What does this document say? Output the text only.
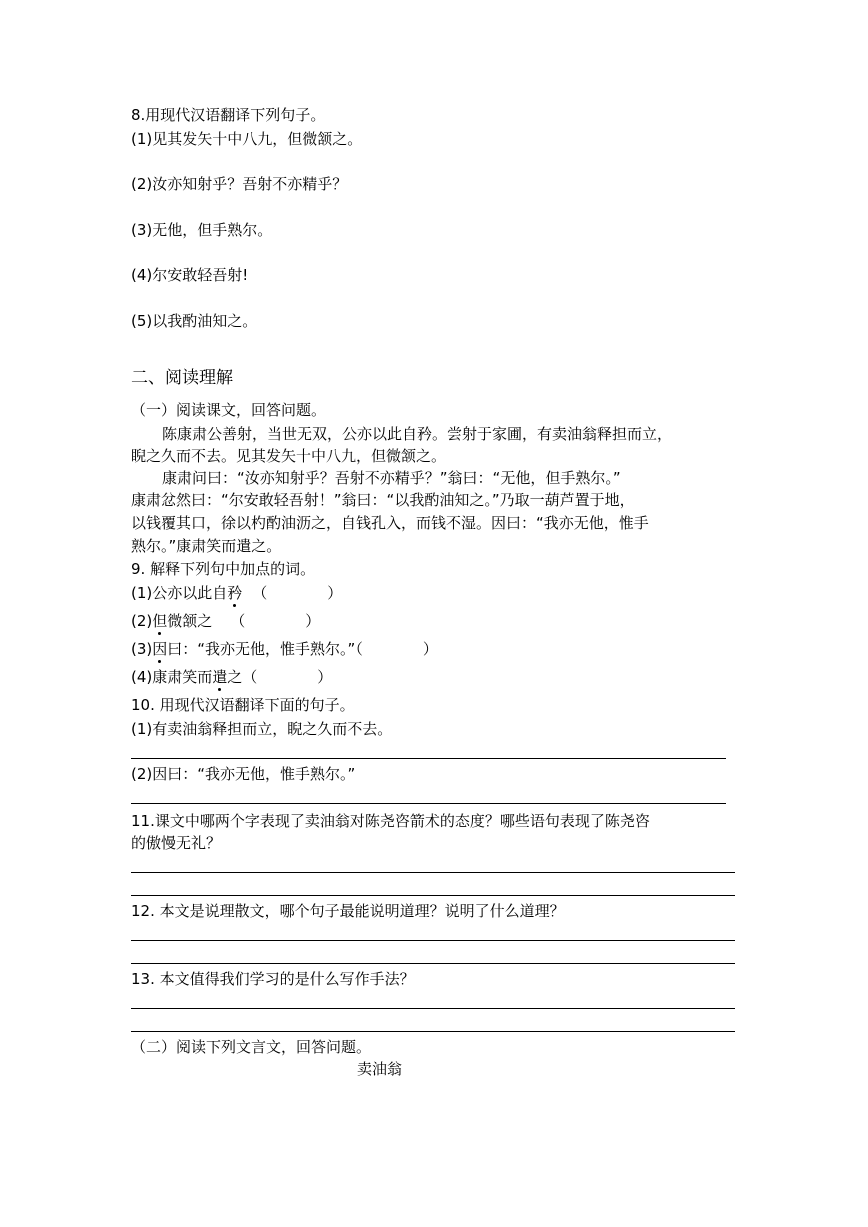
8.用现代汉语翻译下列句子。
(1)见其发矢十中八九，但微颔之。
(2)汝亦知射乎？吾射不亦精乎？
(3)无他，但手熟尔。
(4)尔安敢轻吾射!
(5)以我酌油知之。
二、阅读理解
（一）阅读课文，回答问题。
陈康肃公善射，当世无双，公亦以此自矜。尝射于家圃，有卖油翁释担而立，
睨之久而不去。见其发矢十中八九，但微颔之。
康肃问曰：“汝亦知射乎？吾射不亦精乎？”翁曰：“无他，但手熟尔。”
康肃忿然曰：“尔安敢轻吾射！”翁曰：“以我酌油知之。”乃取一葫芦置于地，
以钱覆其口，徐以杓酌油沥之，自钱孔入，而钱不湿。因曰：“我亦无他，惟手
熟尔。”康肃笑而遣之。
9. 解释下列句中加点的词。
(1)公亦以此自矜 （　　　　）
(2)但微颔之 （　　　　）
(3)因曰：“我亦无他，惟手熟尔。”（　　　　）
(4)康肃笑而遣之（　　　　）
10. 用现代汉语翻译下面的句子。
(1)有卖油翁释担而立，睨之久而不去。
(2)因曰：“我亦无他，惟手熟尔。”
11.课文中哪两个字表现了卖油翁对陈尧咨箭术的态度？哪些语句表现了陈尧咨
的傲慢无礼？
12. 本文是说理散文，哪个句子最能说明道理？说明了什么道理？
13. 本文值得我们学习的是什么写作手法？
（二）阅读下列文言文，回答问题。
卖油翁
